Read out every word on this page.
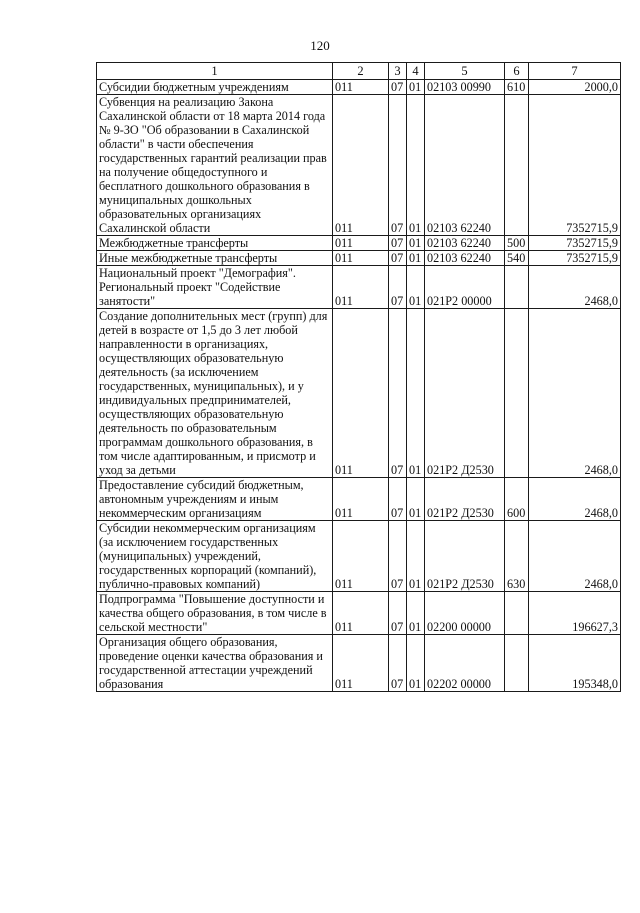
120
1	2	3	4	5	6	7
Субсидии бюджетным учреждениям	011	07	01	02103 00990	610	2000,0
Субвенция на реализацию Закона Сахалинской области от 18 марта 2014 года № 9-ЗО "Об образовании в Сахалинской области" в части обеспечения государственных гарантий реализации прав на получение общедоступного и бесплатного дошкольного образования в муниципальных дошкольных образовательных организациях Сахалинской области	011	07	01	02103 62240		7352715,9
Межбюджетные трансферты	011	07	01	02103 62240	500	7352715,9
Иные межбюджетные трансферты	011	07	01	02103 62240	540	7352715,9
Национальный проект "Демография". Региональный проект "Содействие занятости"	011	07	01	021Р2 00000		2468,0
Создание дополнительных мест (групп) для детей в возрасте от 1,5 до 3 лет любой направленности в организациях, осуществляющих образовательную деятельность (за исключением государственных, муниципальных), и у индивидуальных предпринимателей, осуществляющих образовательную деятельность по образовательным программам дошкольного образования, в том числе адаптированным, и присмотр и уход за детьми	011	07	01	021Р2 Д2530		2468,0
Предоставление субсидий бюджетным, автономным учреждениям и иным некоммерческим организациям	011	07	01	021Р2 Д2530	600	2468,0
Субсидии некоммерческим организациям (за исключением государственных (муниципальных) учреждений, государственных корпораций (компаний), публично-правовых компаний)	011	07	01	021Р2 Д2530	630	2468,0
Подпрограмма "Повышение доступности и качества общего образования, в том числе в сельской местности"	011	07	01	02200 00000		196627,3
Организация общего образования, проведение оценки качества образования и государственной аттестации учреждений образования	011	07	01	02202 00000		195348,0
